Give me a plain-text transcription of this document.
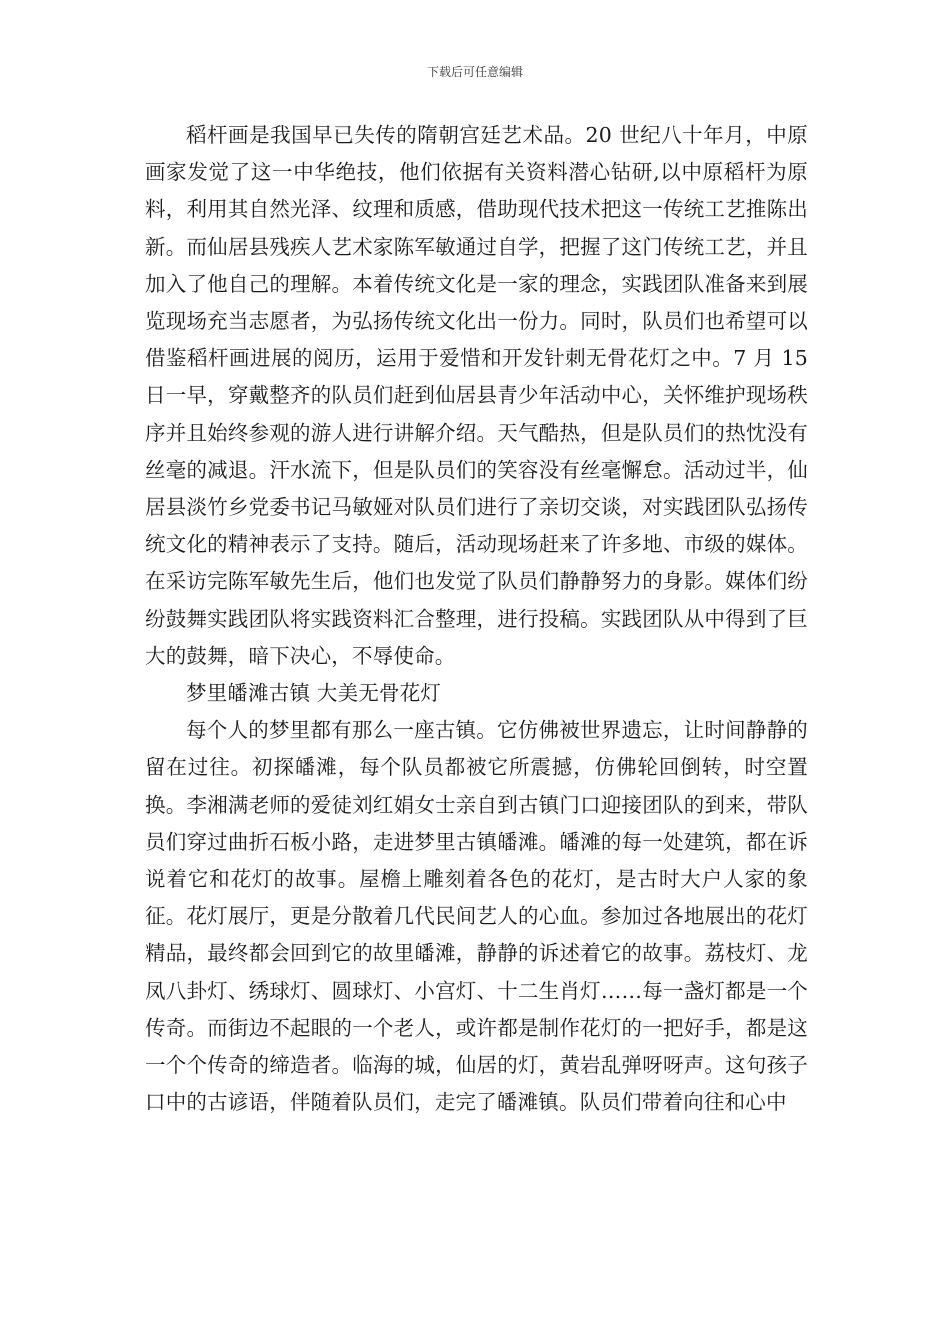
下载后可任意编辑

稻杆画是我国早已失传的隋朝宫廷艺术品。20 世纪八十年月，中原画家发觉了这一中华绝技，他们依据有关资料潜心钻研,以中原稻杆为原料，利用其自然光泽、纹理和质感，借助现代技术把这一传统工艺推陈出新。而仙居县残疾人艺术家陈军敏通过自学，把握了这门传统工艺，并且加入了他自己的理解。本着传统文化是一家的理念，实践团队准备来到展览现场充当志愿者，为弘扬传统文化出一份力。同时，队员们也希望可以借鉴稻杆画进展的阅历，运用于爱惜和开发针刺无骨花灯之中。7 月 15 日一早，穿戴整齐的队员们赶到仙居县青少年活动中心，关怀维护现场秩序并且始终参观的游人进行讲解介绍。天气酷热，但是队员们的热忱没有丝毫的减退。汗水流下，但是队员们的笑容没有丝毫懈怠。活动过半，仙居县淡竹乡党委书记马敏娅对队员们进行了亲切交谈，对实践团队弘扬传统文化的精神表示了支持。随后，活动现场赶来了许多地、市级的媒体。在采访完陈军敏先生后，他们也发觉了队员们静静努力的身影。媒体们纷纷鼓舞实践团队将实践资料汇合整理，进行投稿。实践团队从中得到了巨大的鼓舞，暗下决心，不辱使命。

梦里皤滩古镇 大美无骨花灯

每个人的梦里都有那么一座古镇。它仿佛被世界遗忘，让时间静静的留在过往。初探皤滩，每个队员都被它所震撼，仿佛轮回倒转，时空置换。李湘满老师的爱徒刘红娟女士亲自到古镇门口迎接团队的到来，带队员们穿过曲折石板小路，走进梦里古镇皤滩。皤滩的每一处建筑，都在诉说着它和花灯的故事。屋檐上雕刻着各色的花灯，是古时大户人家的象征。花灯展厅，更是分散着几代民间艺人的心血。参加过各地展出的花灯精品，最终都会回到它的故里皤滩，静静的诉述着它的故事。荔枝灯、龙凤八卦灯、绣球灯、圆球灯、小宫灯、十二生肖灯……每一盏灯都是一个传奇。而街边不起眼的一个老人，或许都是制作花灯的一把好手，都是这一个个传奇的缔造者。临海的城，仙居的灯，黄岩乱弹呀呀声。这句孩子口中的古谚语，伴随着队员们，走完了皤滩镇。队员们带着向往和心中
